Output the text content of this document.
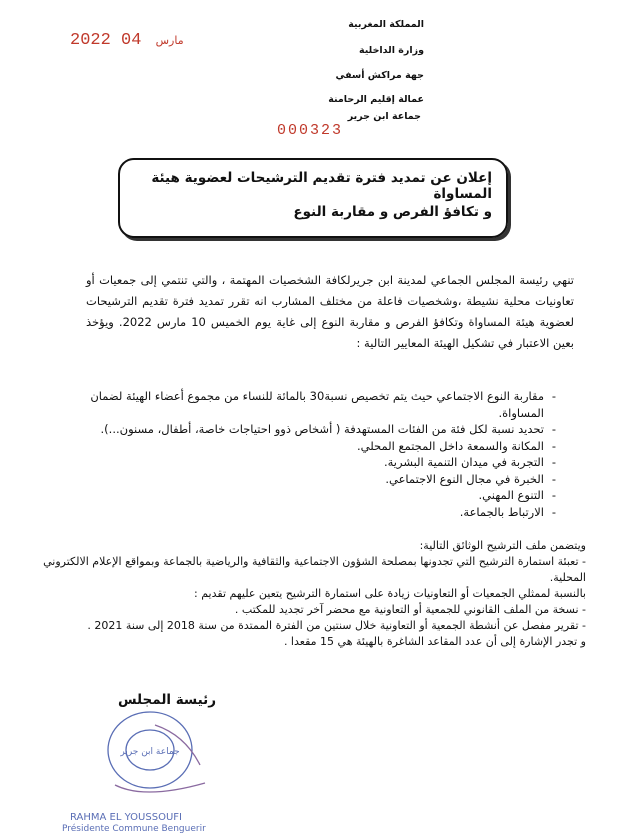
2022	مارس 04
المملكة المغربية
وزارة الداخلية
جهة مراكش أسفي
عمالة إقليم الرحامنة
جماعة ابن جرير
000323
إعلان عن تمديد فترة تقديم الترشيحات لعضوية هيئة المساواة
و تكافؤ الفرص و مقاربة النوع
تنهي رئيسة المجلس الجماعي لمدينة ابن جريرلكافة الشخصيات المهتمة ، والتي تنتمي إلى جمعيات أو تعاونيات محلية نشيطة ،وشخصيات فاعلة من مختلف المشارب انه تقرر تمديد فترة تقديم الترشيحات لعضوية هيئة المساواة وتكافؤ الفرص و مقاربة النوع إلى غاية يوم الخميس 10 مارس 2022. ويؤخذ بعين الاعتبار في تشكيل الهيئة المعايير التالية :
- مقاربة النوع الاجتماعي حيث يتم تخصيص نسبة30 بالمائة للنساء من مجموع أعضاء الهيئة لضمان المساواة.
- تحديد نسبة لكل فئة من الفئات المستهدفة ( أشخاص ذوو احتياجات خاصة، أطفال، مسنون...).
- المكانة والسمعة داخل المجتمع المحلي.
- التجربة في ميدان التنمية البشرية.
- الخبرة في مجال النوع الاجتماعي.
- التنوع المهني.
- الارتباط بالجماعة.
ويتضمن ملف الترشيح الوثائق التالية:
- تعبئة استمارة الترشيح التي تجدونها بمصلحة الشؤون الاجتماعية والثقافية والرياضية بالجماعة وبمواقع الإعلام الالكتروني المحلية.
بالنسبة لممثلي الجمعيات أو التعاونيات زيادة على استمارة الترشيح يتعين عليهم تقديم :
- نسخة من الملف القانوني للجمعية أو التعاونية مع محضر آخر تجديد للمكتب .
- تقرير مفصل عن أنشطة الجمعية أو التعاونية خلال سنتين من الفترة الممتدة من سنة 2018 إلى سنة 2021 .
و تجدر الإشارة إلى أن عدد المقاعد الشاغرة بالهيئة هي 15 مقعدا .
رئيسة المجلس
جماعة ابن جرير
RAHMA EL YOUSSOUFI
Présidente Commune Benguerir
